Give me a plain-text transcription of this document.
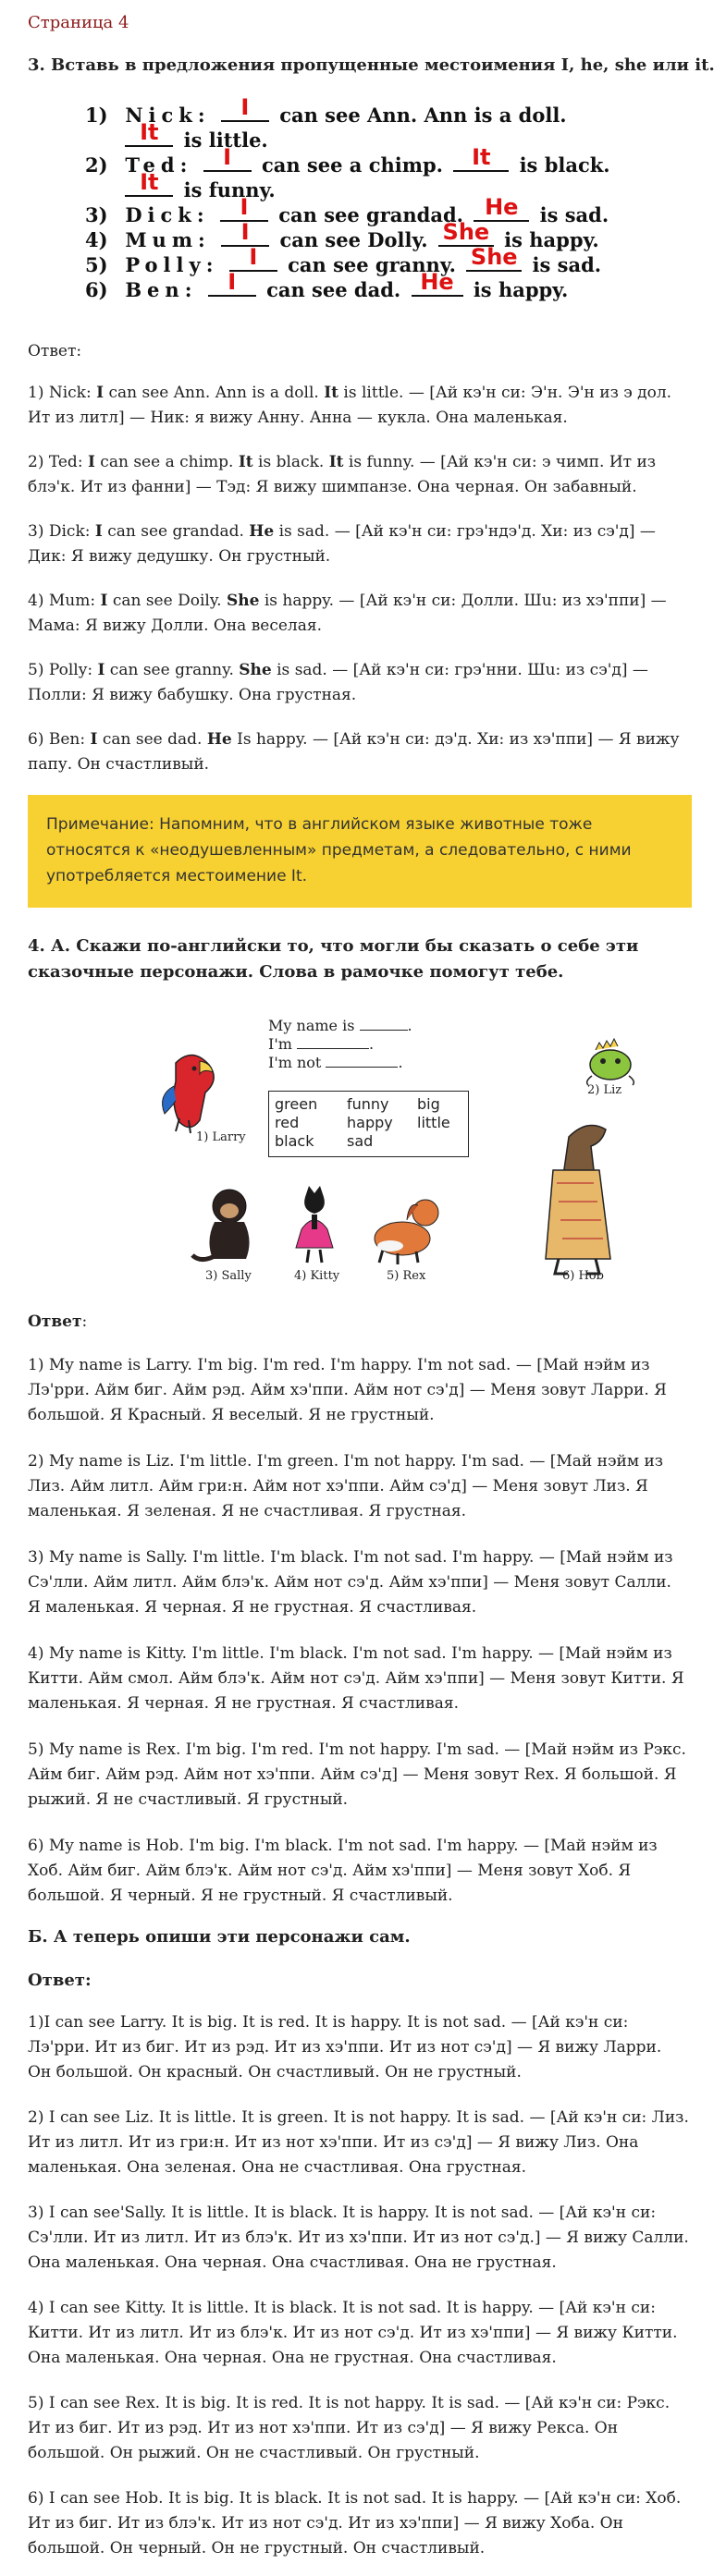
Страница 4
3. Вставь в предложения пропущенные местоимения I, he, she или it.
1) Nick:	I	can see Ann. Ann is a doll.

It	is little.
2) Ted:	I	can see a chimp.	It	is black.

It	is funny.
3) Dick:	I	can see grandad. He	is sad.
4) Mum:	I	can see Dolly. She is happy.
5) Polly:	I	can see granny. She is sad.
6) Ben:	I	can see dad. He	is happy.
Ответ:
1) Nick: I can see Ann. Ann is a doll. It is little. — [Ай кэ'н си: Э'н. Э'н из э дол. Ит из литл] — Ник: я вижу Анну. Анна — кукла. Она маленькая.
2) Ted: I can see a chimp. It is black. It is funny. — [Ай кэ'н си: э чимп. Ит из блэ'к. Ит из фанни] — Тэд: Я вижу шимпанзе. Она черная. Он забавный.
3) Dick: I can see grandad. He is sad. — [Ай кэ'н си: грэ'ндэ'д. Хи: из сэ'д] — Дик: Я вижу дедушку. Он грустный.
4) Mum: I can see Doily. She is happy. — [Ай кэ'н си: Долли. Шu: из хэ'ппи] — Мама: Я вижу Долли. Она веселая.
5) Polly: I can see granny. She is sad. — [Ай кэ'н си: грэ'нни. Шu: из сэ'д] — Полли: Я вижу бабушку. Она грустная.
6) Ben: I can see dad. He Is happy. — [Ай кэ'н си: дэ'д. Хи: из хэ'ппи] — Я вижу папу. Он счастливый.
Примечание: Напомним, что в английском языке животные тоже относятся к «неодушевленным» предметам, а следовательно, с ними употребляется местоимение It.
4. А. Скажи по-английски то, что могли бы сказать о себе эти сказочные персонажи. Слова в рамочке помогут тебе.
My name is	.
I'm	.
I'm not	.
green funny big
red	happy little
black sad
1) Larry
2) Liz
3) Sally	4) Kitty	5) Rex	6) Hob
Ответ:
1) My name is Larry. I'm big. I'm red. I'm happy. I'm not sad. — [Май нэйм из Лэ'рри. Айм биг. Айм рэд. Айм хэ'ппи. Айм нот сэ'д] — Меня зовут Ларри. Я большой. Я Красный. Я веселый. Я не грустный.
2) My name is Liz. I'm little. I'm green. I'm not happy. I'm sad. — [Май нэйм из Лиз. Айм литл. Айм гри:н. Айм нот хэ'ппи. Айм сэ'д] — Меня зовут Лиз. Я маленькая. Я зеленая. Я не счастливая. Я грустная.
3) My name is Sally. I'm little. I'm black. I'm not sad. I'm happy. — [Май нэйм из Сэ'лли. Айм литл. Айм блэ'к. Айм нот сэ'д. Айм хэ'ппи] — Меня зовут Салли. Я маленькая. Я черная. Я не грустная. Я счастливая.
4) My name is Kitty. I'm little. I'm black. I'm not sad. I'm happy. — [Май нэйм из Китти. Айм смол. Айм блэ'к. Айм нот сэ'д. Айм хэ'ппи] — Меня зовут Китти. Я маленькая. Я черная. Я не грустная. Я счастливая.
5) My name is Rex. I'm big. I'm red. I'm not happy. I'm sad. — [Май нэйм из Рэкс. Айм биг. Айм рэд. Айм нот хэ'ппи. Айм сэ'д] — Меня зовут Rex. Я большой. Я рыжий. Я не счастливый. Я грустный.
6) My name is Hob. I'm big. I'm black. I'm not sad. I'm happy. — [Май нэйм из Хоб. Айм биг. Айм блэ'к. Айм нот сэ'д. Айм хэ'ппи] — Меня зовут Хоб. Я большой. Я черный. Я не грустный. Я счастливый.
Б. А теперь опиши эти персонажи сам.
Ответ:
1)I can see Larry. It is big. It is red. It is happy. It is not sad. — [Ай кэ'н си: Лэ'рри. Ит из биг. Ит из рэд. Ит из хэ'ппи. Ит из нот сэ'д] — Я вижу Ларри. Он большой. Он красный. Он счастливый. Он не грустный.
2) I can see Liz. It is little. It is green. It is not happy. It is sad. — [Ай кэ'н си: Лиз. Ит из литл. Ит из гри:н. Ит из нот хэ'ппи. Ит из сэ'д] — Я вижу Лиз. Она маленькая. Она зеленая. Она не счастливая. Она грустная.
3) I can see'Sally. It is little. It is black. It is happy. It is not sad. — [Ай кэ'н си: Сэ'лли. Ит из литл. Ит из блэ'к. Ит из хэ'ппи. Ит из нот сэ'д.] — Я вижу Салли. Она маленькая. Она черная. Она счастливая. Она не грустная.
4) I can see Kitty. It is little. It is black. It is not sad. It is happy. — [Ай кэ'н си: Китти. Ит из литл. Ит из блэ'к. Ит из нот сэ'д. Ит из хэ'ппи] — Я вижу Китти. Она маленькая. Она черная. Она не грустная. Она счастливая.
5) I can see Rex. It is big. It is red. It is not happy. It is sad. — [Ай кэ'н си: Рэкс. Ит из биг. Ит из рэд. Ит из нот хэ'ппи. Ит из сэ'д] — Я вижу Рекса. Он большой. Он рыжий. Он не счастливый. Он грустный.
6) I can see Hob. It is big. It is black. It is not sad. It is happy. — [Ай кэ'н си: Хоб. Ит из биг. Ит из блэ'к. Ит из нот сэ'д. Ит из хэ'ппи] — Я вижу Хоба. Он большой. Он черный. Он не грустный. Он счастливый.
